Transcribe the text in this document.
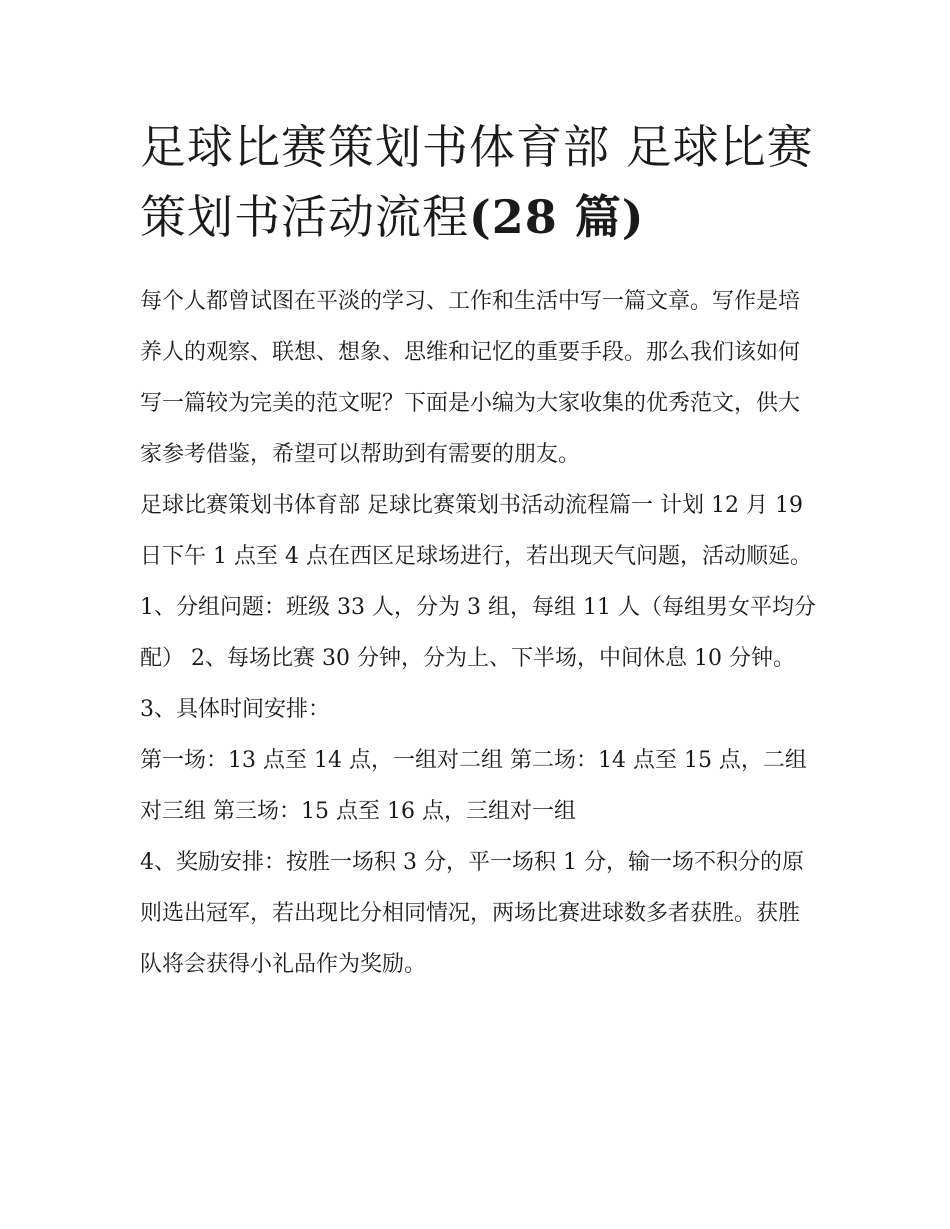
足球比赛策划书体育部 足球比赛策划书活动流程(28 篇)

每个人都曾试图在平淡的学习、工作和生活中写一篇文章。写作是培养人的观察、联想、想象、思维和记忆的重要手段。那么我们该如何写一篇较为完美的范文呢？下面是小编为大家收集的优秀范文，供大家参考借鉴，希望可以帮助到有需要的朋友。

足球比赛策划书体育部 足球比赛策划书活动流程篇一 计划 12 月 19 日下午 1 点至 4 点在西区足球场进行，若出现天气问题，活动顺延。

1、分组问题：班级 33 人，分为 3 组，每组 11 人（每组男女平均分配） 2、每场比赛 30 分钟，分为上、下半场，中间休息 10 分钟。 3、具体时间安排：

第一场：13 点至 14 点，一组对二组 第二场：14 点至 15 点，二组对三组 第三场：15 点至 16 点，三组对一组

4、奖励安排：按胜一场积 3 分，平一场积 1 分，输一场不积分的原则选出冠军，若出现比分相同情况，两场比赛进球数多者获胜。获胜队将会获得小礼品作为奖励。
